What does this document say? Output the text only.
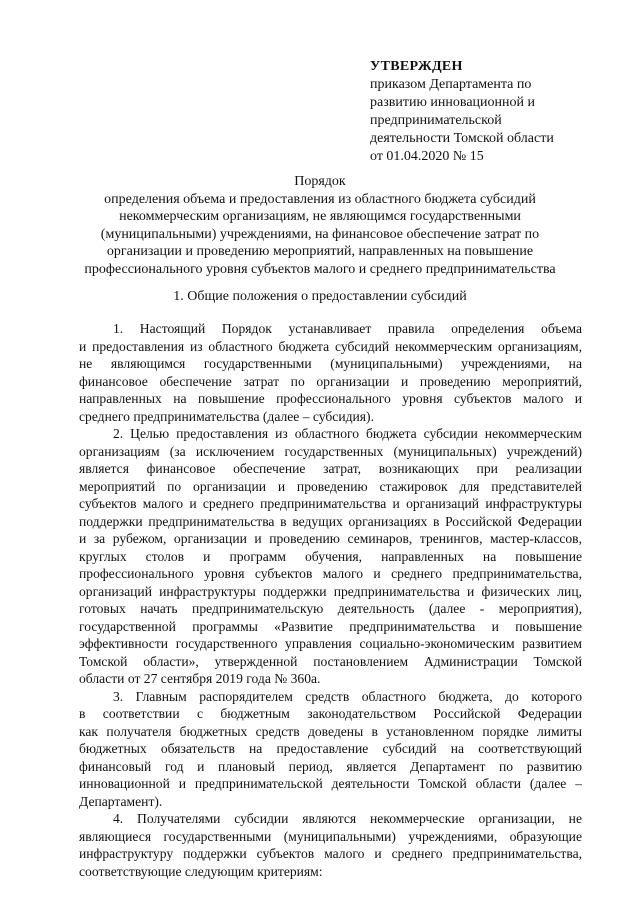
УТВЕРЖДЕН
приказом Департамента по
развитию инновационной и
предпринимательской
деятельности Томской области
от 01.04.2020 № 15
Порядок
определения объема и предоставления из областного бюджета субсидий
некоммерческим организациям, не являющимся государственными
(муниципальными) учреждениями, на финансовое обеспечение затрат по
организации и проведению мероприятий, направленных на повышение
профессионального уровня субъектов малого и среднего предпринимательства
1. Общие положения о предоставлении субсидий
1. Настоящий Порядок устанавливает правила определения объема
и предоставления из областного бюджета субсидий некоммерческим организациям,
не являющимся государственными (муниципальными) учреждениями, на
финансовое обеспечение затрат по организации и проведению мероприятий,
направленных на повышение профессионального уровня субъектов малого и
среднего предпринимательства (далее – субсидия).
2. Целью предоставления из областного бюджета субсидии некоммерческим
организациям (за исключением государственных (муниципальных) учреждений)
является финансовое обеспечение затрат, возникающих при реализации
мероприятий по организации и проведению стажировок для представителей
субъектов малого и среднего предпринимательства и организаций инфраструктуры
поддержки предпринимательства в ведущих организациях в Российской Федерации
и за рубежом, организации и проведению семинаров, тренингов, мастер-классов,
круглых столов и программ обучения, направленных на повышение
профессионального уровня субъектов малого и среднего предпринимательства,
организаций инфраструктуры поддержки предпринимательства и физических лиц,
готовых начать предпринимательскую деятельность (далее - мероприятия),
государственной программы «Развитие предпринимательства и повышение
эффективности государственного управления социально-экономическим развитием
Томской области», утвержденной постановлением Администрации Томской
области от 27 сентября 2019 года № 360а.
3. Главным распорядителем средств областного бюджета, до которого
в соответствии с бюджетным законодательством Российской Федерации
как получателя бюджетных средств доведены в установленном порядке лимиты
бюджетных обязательств на предоставление субсидий на соответствующий
финансовый год и плановый период, является Департамент по развитию
инновационной и предпринимательской деятельности Томской области (далее –
Департамент).
4. Получателями субсидии являются некоммерческие организации, не
являющиеся государственными (муниципальными) учреждениями, образующие
инфраструктуру поддержки субъектов малого и среднего предпринимательства,
соответствующие следующим критериям:
